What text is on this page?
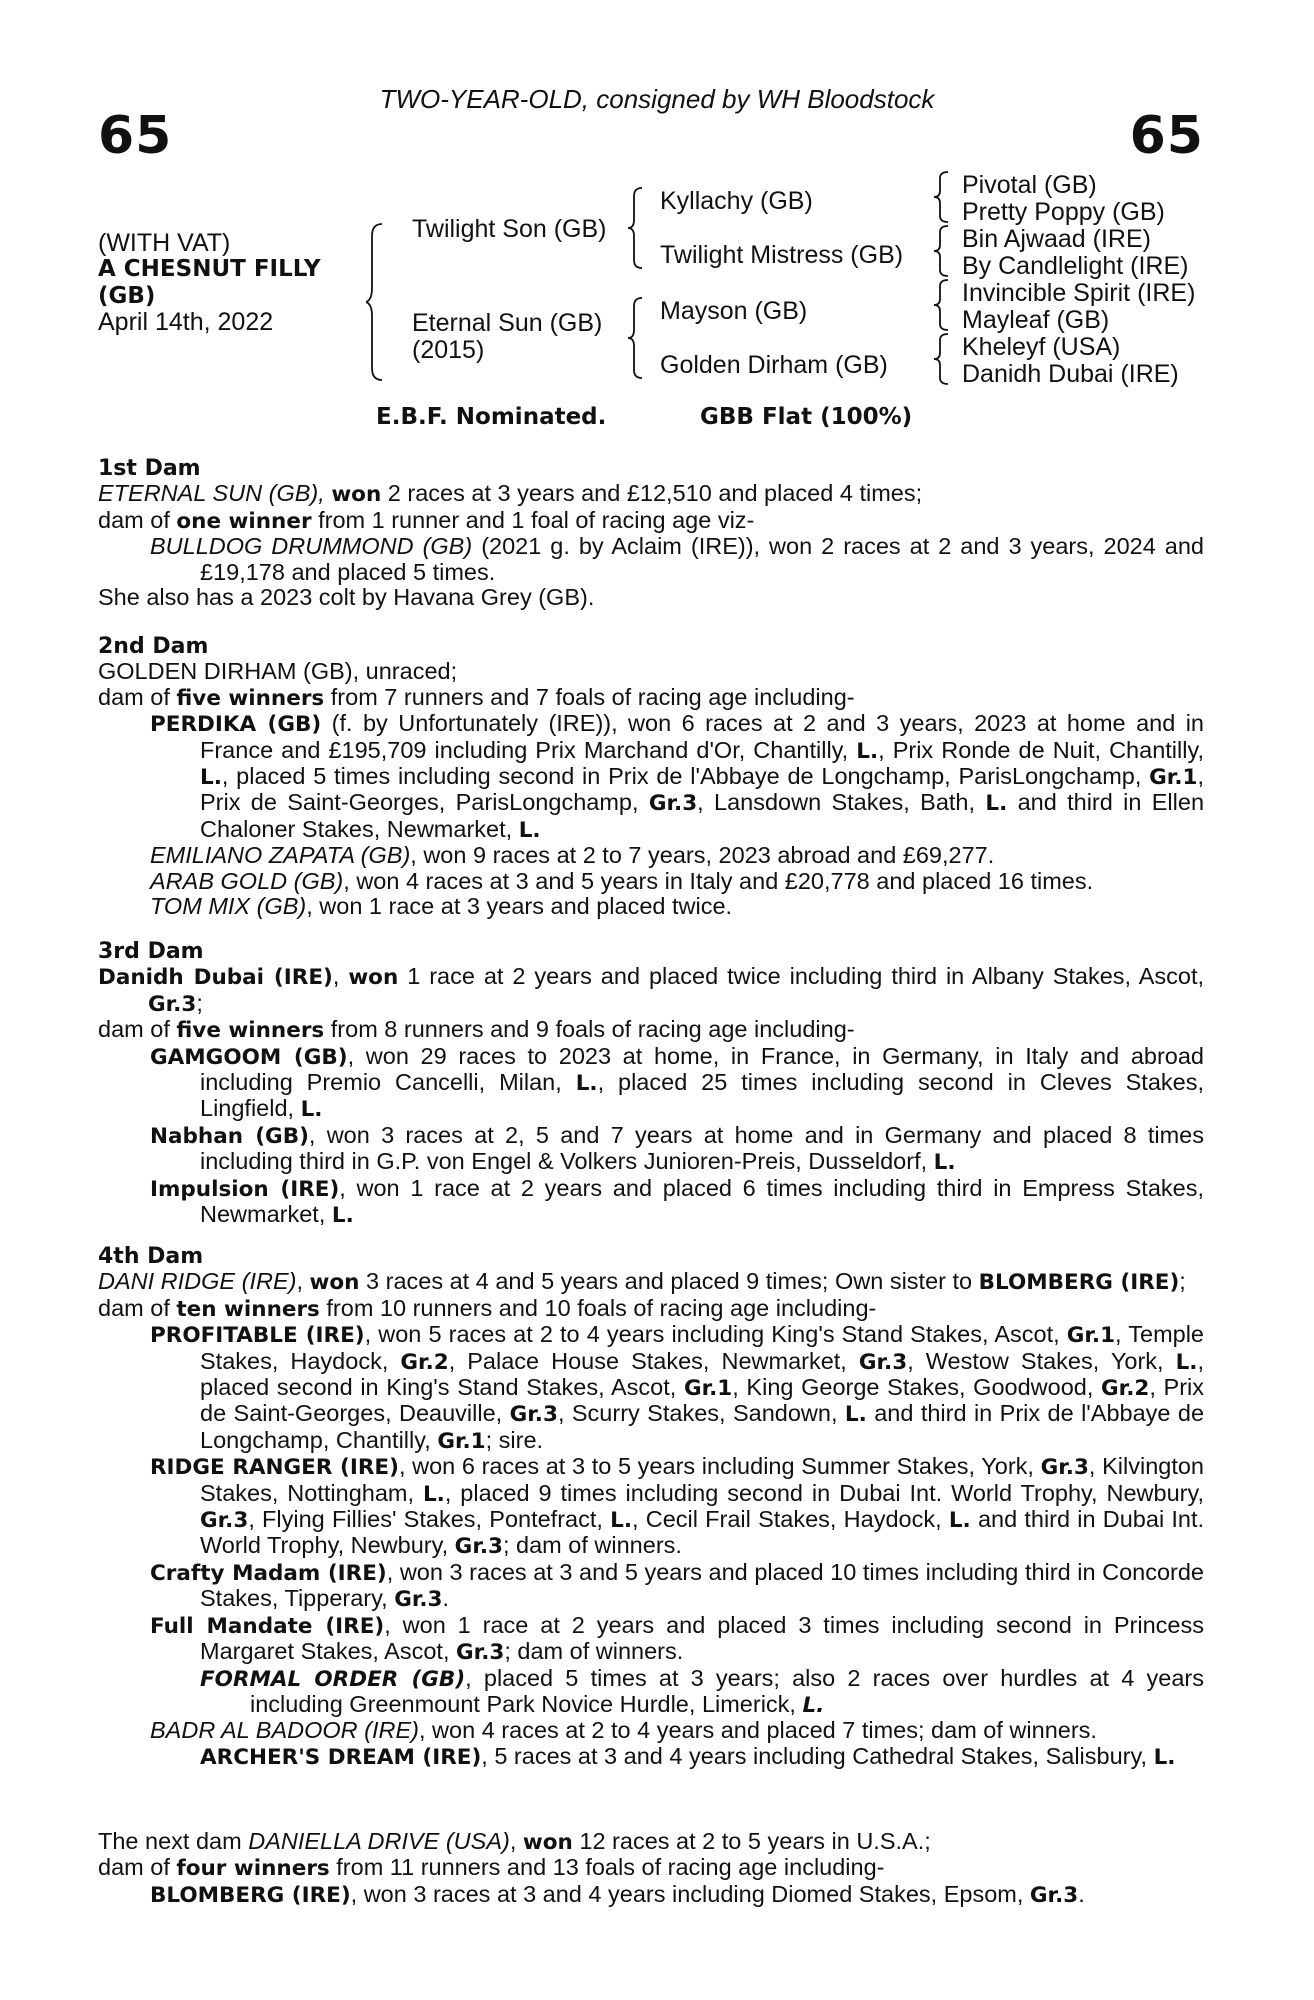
TWO-YEAR-OLD, consigned by WH Bloodstock
65	65
(WITH VAT)
A CHESNUT FILLY
(GB)
April 14th, 2022
Twilight Son (GB)
Eternal Sun (GB)
(2015)
Kyllachy (GB)
Twilight Mistress (GB)
Mayson (GB)
Golden Dirham (GB)
Pivotal (GB)
Pretty Poppy (GB)
Bin Ajwaad (IRE)
By Candlelight (IRE)
Invincible Spirit (IRE)
Mayleaf (GB)
Kheleyf (USA)
Danidh Dubai (IRE)
E.B.F. Nominated.	GBB Flat (100%)
1st Dam
ETERNAL SUN (GB), won 2 races at 3 years and £12,510 and placed 4 times;
dam of one winner from 1 runner and 1 foal of racing age viz-
BULLDOG DRUMMOND (GB) (2021 g. by Aclaim (IRE)), won 2 races at 2 and 3 years, 2024 and £19,178 and placed 5 times.
She also has a 2023 colt by Havana Grey (GB).
2nd Dam
GOLDEN DIRHAM (GB), unraced;
dam of five winners from 7 runners and 7 foals of racing age including-
PERDIKA (GB) (f. by Unfortunately (IRE)), won 6 races at 2 and 3 years, 2023 at home and in France and £195,709 including Prix Marchand d'Or, Chantilly, L., Prix Ronde de Nuit, Chantilly, L., placed 5 times including second in Prix de l'Abbaye de Longchamp, ParisLongchamp, Gr.1, Prix de Saint-Georges, ParisLongchamp, Gr.3, Lansdown Stakes, Bath, L. and third in Ellen Chaloner Stakes, Newmarket, L.
EMILIANO ZAPATA (GB), won 9 races at 2 to 7 years, 2023 abroad and £69,277.
ARAB GOLD (GB), won 4 races at 3 and 5 years in Italy and £20,778 and placed 16 times.
TOM MIX (GB), won 1 race at 3 years and placed twice.
3rd Dam
Danidh Dubai (IRE), won 1 race at 2 years and placed twice including third in Albany Stakes, Ascot, Gr.3;
dam of five winners from 8 runners and 9 foals of racing age including-
GAMGOOM (GB), won 29 races to 2023 at home, in France, in Germany, in Italy and abroad including Premio Cancelli, Milan, L., placed 25 times including second in Cleves Stakes, Lingfield, L.
Nabhan (GB), won 3 races at 2, 5 and 7 years at home and in Germany and placed 8 times including third in G.P. von Engel & Volkers Junioren-Preis, Dusseldorf, L.
Impulsion (IRE), won 1 race at 2 years and placed 6 times including third in Empress Stakes, Newmarket, L.
4th Dam
DANI RIDGE (IRE), won 3 races at 4 and 5 years and placed 9 times; Own sister to BLOMBERG (IRE);
dam of ten winners from 10 runners and 10 foals of racing age including-
PROFITABLE (IRE), won 5 races at 2 to 4 years including King's Stand Stakes, Ascot, Gr.1, Temple Stakes, Haydock, Gr.2, Palace House Stakes, Newmarket, Gr.3, Westow Stakes, York, L., placed second in King's Stand Stakes, Ascot, Gr.1, King George Stakes, Goodwood, Gr.2, Prix de Saint-Georges, Deauville, Gr.3, Scurry Stakes, Sandown, L. and third in Prix de l'Abbaye de Longchamp, Chantilly, Gr.1; sire.
RIDGE RANGER (IRE), won 6 races at 3 to 5 years including Summer Stakes, York, Gr.3, Kilvington Stakes, Nottingham, L., placed 9 times including second in Dubai Int. World Trophy, Newbury, Gr.3, Flying Fillies' Stakes, Pontefract, L., Cecil Frail Stakes, Haydock, L. and third in Dubai Int. World Trophy, Newbury, Gr.3; dam of winners.
Crafty Madam (IRE), won 3 races at 3 and 5 years and placed 10 times including third in Concorde Stakes, Tipperary, Gr.3.
Full Mandate (IRE), won 1 race at 2 years and placed 3 times including second in Princess Margaret Stakes, Ascot, Gr.3; dam of winners.
FORMAL ORDER (GB), placed 5 times at 3 years; also 2 races over hurdles at 4 years including Greenmount Park Novice Hurdle, Limerick, L.
BADR AL BADOOR (IRE), won 4 races at 2 to 4 years and placed 7 times; dam of winners.
ARCHER'S DREAM (IRE), 5 races at 3 and 4 years including Cathedral Stakes, Salisbury, L.
The next dam DANIELLA DRIVE (USA), won 12 races at 2 to 5 years in U.S.A.;
dam of four winners from 11 runners and 13 foals of racing age including-
BLOMBERG (IRE), won 3 races at 3 and 4 years including Diomed Stakes, Epsom, Gr.3.
